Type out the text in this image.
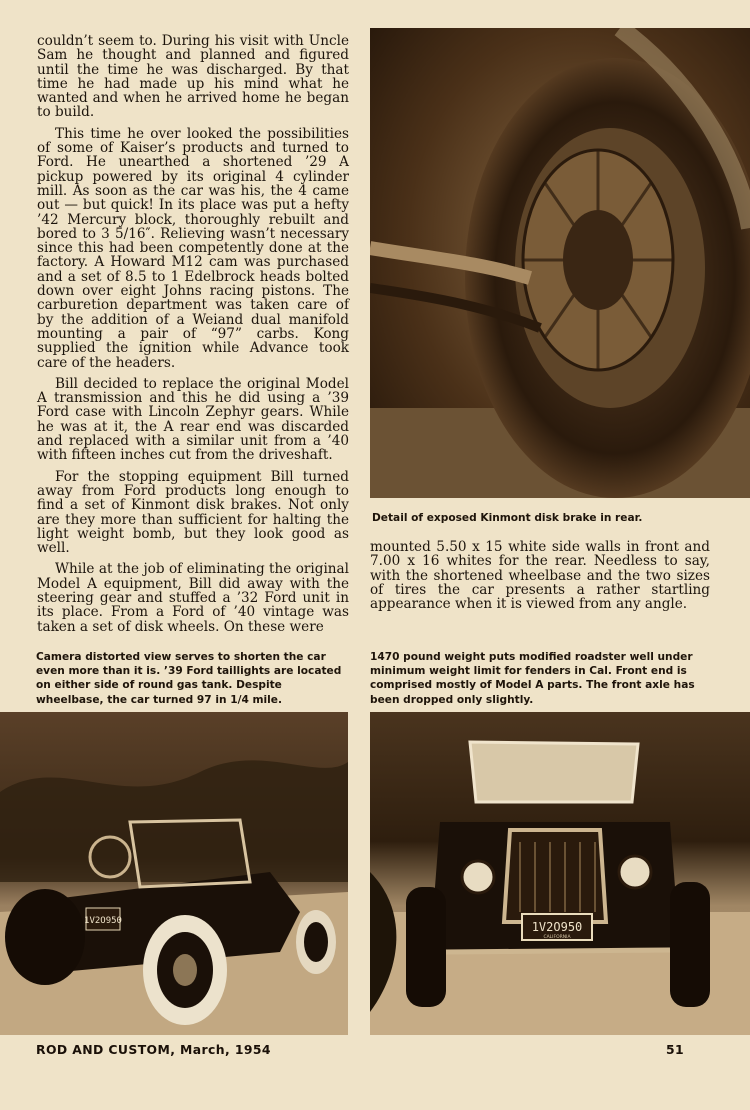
couldn’t seem to. During his visit with Uncle Sam he thought and planned and figured until the time he was discharged. By that time he had made up his mind what he wanted and when he arrived home he began to build.

This time he over looked the possibilities of some of Kaiser’s products and turned to Ford. He unearthed a shortened ’29 A pickup powered by its original 4 cylinder mill. As soon as the car was his, the 4 came out — but quick! In its place was put a hefty ’42 Mercury block, thoroughly rebuilt and bored to 3 5/16″. Relieving wasn’t necessary since this had been competently done at the factory. A Howard M12 cam was purchased and a set of 8.5 to 1 Edelbrock heads bolted down over eight Johns racing pistons. The carburetion department was taken care of by the addition of a Weiand dual manifold mounting a pair of “97” carbs. Kong supplied the ignition while Advance took care of the headers.

Bill decided to replace the original Model A transmission and this he did using a ’39 Ford case with Lincoln Zephyr gears. While he was at it, the A rear end was discarded and replaced with a similar unit from a ’40 with fifteen inches cut from the driveshaft.

For the stopping equipment Bill turned away from Ford products long enough to find a set of Kinmont disk brakes. Not only are they more than sufficient for halting the light weight bomb, but they look good as well.

While at the job of eliminating the original Model A equipment, Bill did away with the steering gear and stuffed a ’32 Ford unit in its place. From a Ford of ’40 vintage was taken a set of disk wheels. On these were

Detail of exposed Kinmont disk brake in rear.

mounted 5.50 x 15 white side walls in front and 7.00 x 16 whites for the rear. Needless to say, with the shortened wheelbase and the two sizes of tires the car presents a rather startling appearance when it is viewed from any angle.

Camera distorted view serves to shorten the car even more than it is. ’39 Ford taillights are located on either side of round gas tank. Despite wheelbase, the car turned 97 in 1/4 mile.
1470 pound weight puts modified roadster well under minimum weight limit for fenders in Cal. Front end is comprised mostly of Model A parts. The front axle has been dropped only slightly.
1V2O950	1V2O950
CALIFORNIA
ROD AND CUSTOM, March, 1954	51
